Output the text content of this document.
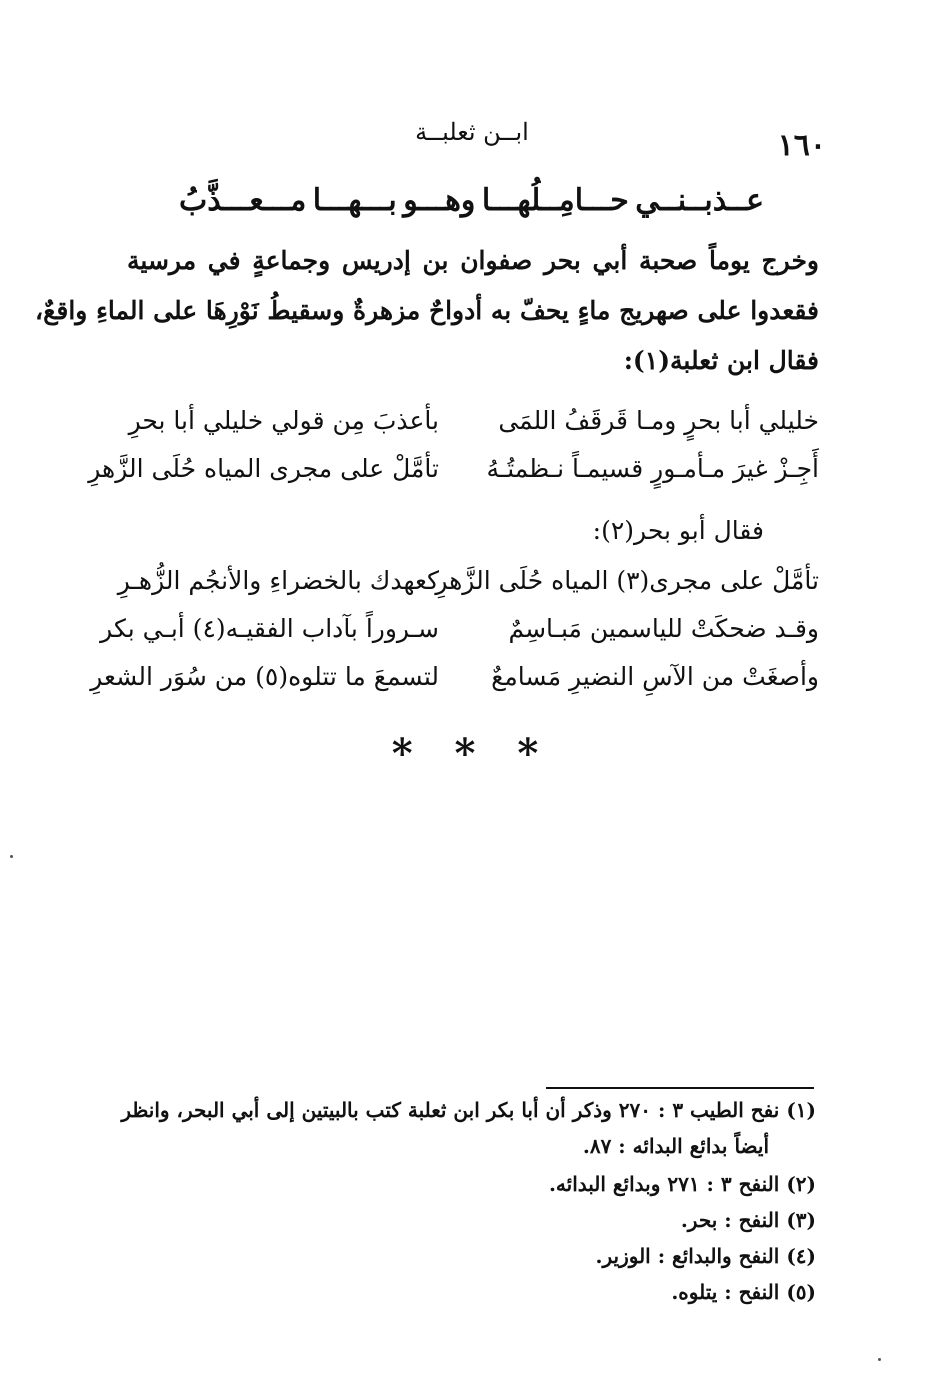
١٦٠
ابــن ثعلبــة
عــذبــنــي
حـــامِــلُهـــا
وهـــو
بـــهـــا
مـــعـــذَّبُ
وخرج يوماً صحبة أبي بحر صفوان بن إدريس وجماعةٍ في مرسية
فقعدوا على صهريج ماءٍ يحفّ به أدواحٌ مزهرةٌ وسقيطُ نَوْرِهَا على الماءِ واقعٌ،
فقال ابن ثعلبة(١):
خليلي أبا بحرٍ ومـا قَرقَفُ اللمَى
بأعذبَ مِن قولي خليلي أبا بحرِ
أَجِـزْ غيرَ مـأمـورٍ قسيمـاً نـظمتُـهُ
تأمَّلْ على مجرى المياه حُلَى الزَّهرِ
فقال أبو بحر(٢):
تأمَّلْ على مجرى(٣) المياه حُلَى الزَّهرِ
كعهدك بالخضراءِ والأنجُم الزُّهـرِ
وقـد ضحكَتْ للياسمين مَبـاسِمٌ
سـروراً بآداب الفقيـه(٤) أبـي بكر
وأصغَتْ من الآسِ النضيرِ مَسامعٌ
لتسمعَ ما تتلوه(٥) من سُوَر الشعرِ
* * *
(١) نفح الطيب ٣ : ٢٧٠ وذكر أن أبا بكر ابن ثعلبة كتب بالبيتين إلى أبي البحر، وانظر
أيضاً بدائع البدائه : ٨٧.
(٢) النفح ٣ : ٢٧١ وبدائع البدائه.
(٣) النفح : بحر.
(٤) النفح والبدائع : الوزير.
(٥) النفح : يتلوه.
